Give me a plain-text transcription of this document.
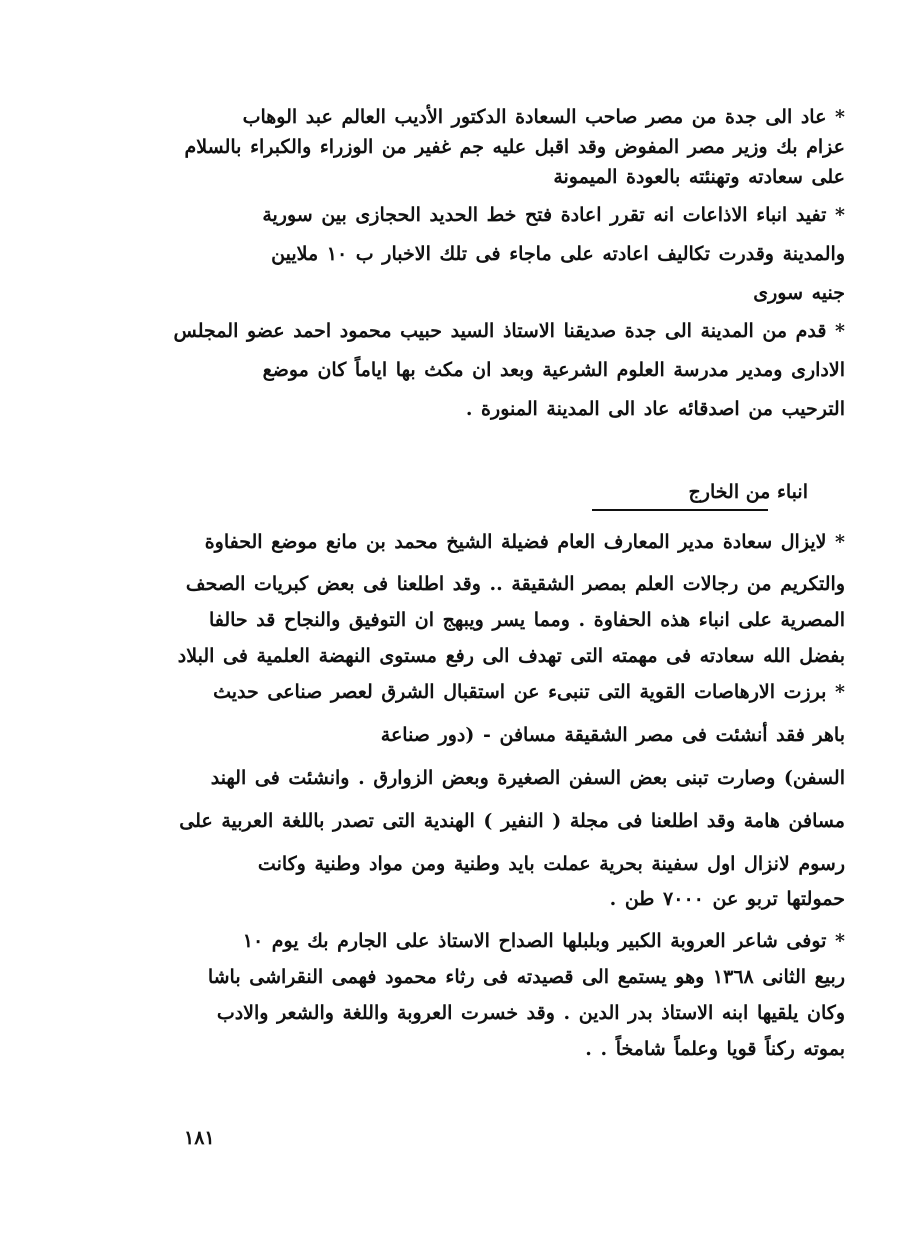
* عاد الى جدة من مصر صاحب السعادة الدكتور الأديب العالم عبد الوهاب
عزام بك وزير مصر المفوض وقد اقبل عليه جم غفير من الوزراء والكبراء بالسلام
على سعادته وتهنئته بالعودة الميمونة
* تفيد انباء الاذاعات انه تقرر اعادة فتح خط الحديد الحجازى بين سورية
والمدينة وقدرت تكاليف اعادته على ماجاء فى تلك الاخبار ب ١٠ ملايين
جنيه سورى
* قدم من المدينة الى جدة صديقنا الاستاذ السيد حبيب محمود احمد عضو المجلس
الادارى ومدير مدرسة العلوم الشرعية وبعد ان مكث بها اياماً كان موضع
الترحيب من اصدقائه عاد الى المدينة المنورة .
انباء من الخارج
* لايزال سعادة مدير المعارف العام فضيلة الشيخ محمد بن مانع موضع الحفاوة
والتكريم من رجالات العلم بمصر الشقيقة .. وقد اطلعنا فى بعض كبريات الصحف
المصرية على انباء هذه الحفاوة . ومما يسر ويبهج ان التوفيق والنجاح قد حالفا
بفضل الله سعادته فى مهمته التى تهدف الى رفع مستوى النهضة العلمية فى البلاد
* برزت الارهاصات القوية التى تنبىء عن استقبال الشرق لعصر صناعى حديث
باهر فقد أنشئت فى مصر الشقيقة مسافن - (دور صناعة
السفن) وصارت تبنى بعض السفن الصغيرة وبعض الزوارق . وانشئت فى الهند
مسافن هامة وقد اطلعنا فى مجلة ( النفير ) الهندية التى تصدر باللغة العربية على
رسوم لانزال اول سفينة بحرية عملت بايد وطنية ومن مواد وطنية وكانت
حمولتها تربو عن ٧٠٠٠ طن .
* توفى شاعر العروبة الكبير وبلبلها الصداح الاستاذ على الجارم بك يوم ١٠
ربيع الثانى ١٣٦٨ وهو يستمع الى قصيدته فى رثاء محمود فهمى النقراشى باشا
وكان يلقيها ابنه الاستاذ بدر الدين . وقد خسرت العروبة واللغة والشعر والادب
بموته ركناً قويا وعلماً شامخاً . .
١٨١
